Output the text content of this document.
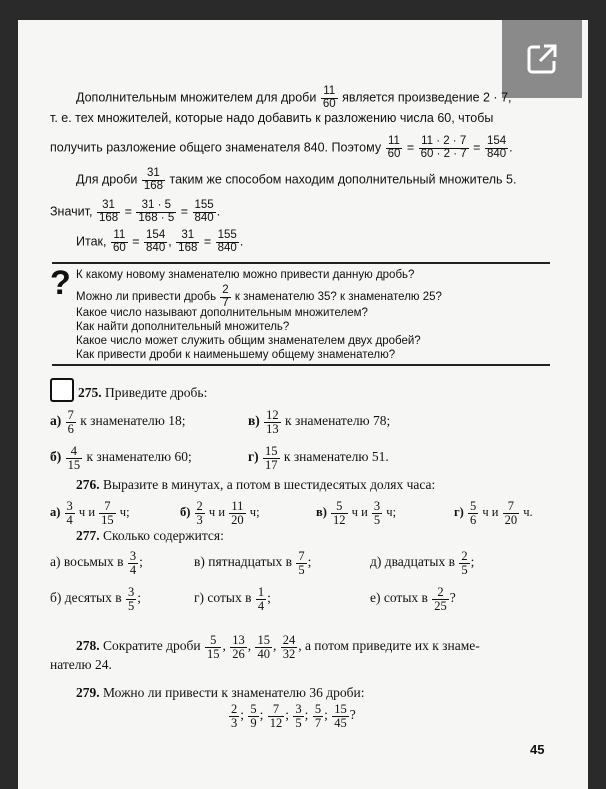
Дополнительным множителем для дроби $\frac{11}{60}$ является произведение 2 · 7,
т. е. тех множителей, которые надо добавить к разложению числа 60, чтобы
получить разложение общего знаменателя 840. Поэтому $\frac{11}{60} = \frac{11 \cdot 2 \cdot 7}{60 \cdot 2 \cdot 7} = \frac{154}{840}$ .
Для дроби $\frac{31}{168}$ таким же способом находим дополнительный множитель 5.
Значит, $\frac{31}{168} = \frac{31 \cdot 5}{168 \cdot 5} = \frac{155}{840}$ .
Итак, $\frac{11}{60} = \frac{154}{840}$ , $\frac{31}{168} = \frac{155}{840}$ .
? К какому новому знаменателю можно привести данную дробь?
Можно ли привести дробь $\frac{2}{7}$ к знаменателю 35? к знаменателю 25?
Какое число называют дополнительным множителем?
Как найти дополнительный множитель?
Какое число может служить общим знаменателем двух дробей?
Как привести дроби к наименьшему общему знаменателю?
275. Приведите дробь:
$а) \frac{7}{6}$ к знаменателю 18;	$в) \frac{12}{13}$ к знаменателю 78;
$б) \frac{4}{15}$ к знаменателю 60;	$г) \frac{15}{17}$ к знаменателю 51.
276. Выразите в минутах, а потом в шестидесятых долях часа:
$а) \frac{3}{4}$ ч и $\frac{7}{15} ч$;	$б) \frac{2}{3}$ ч и $\frac{11}{20} ч$;	$в) \frac{5}{12}$ ч и $\frac{3}{5} ч$;	$г) \frac{5}{6}$ ч и $\frac{7}{20} ч$.
277. Сколько содержится:
а) восьмых в $\frac{3}{4}$ ;	в) пятнадцатых в $\frac{7}{5}$ ;	д) двадцатых в $\frac{2}{5}$ ;
б) десятых в $\frac{3}{5}$ ;	г) сотых в $\frac{1}{4}$ ;	е) сотых в $\frac{2}{25}$ ?
278. Сократите дроби $\frac{5}{15}$ , $\frac{13}{26}$ , $\frac{15}{40}$ , $\frac{24}{32}$ , а потом приведите их к знаме-
нателю 24.
279. Можно ли привести к знаменателю 36 дроби:
$\frac{2}{3}$ ; $\frac{5}{9}$ ; $\frac{7}{12}$ ; $\frac{3}{5}$ ; $\frac{5}{7}$ ; $\frac{15}{45}$ ?
45
